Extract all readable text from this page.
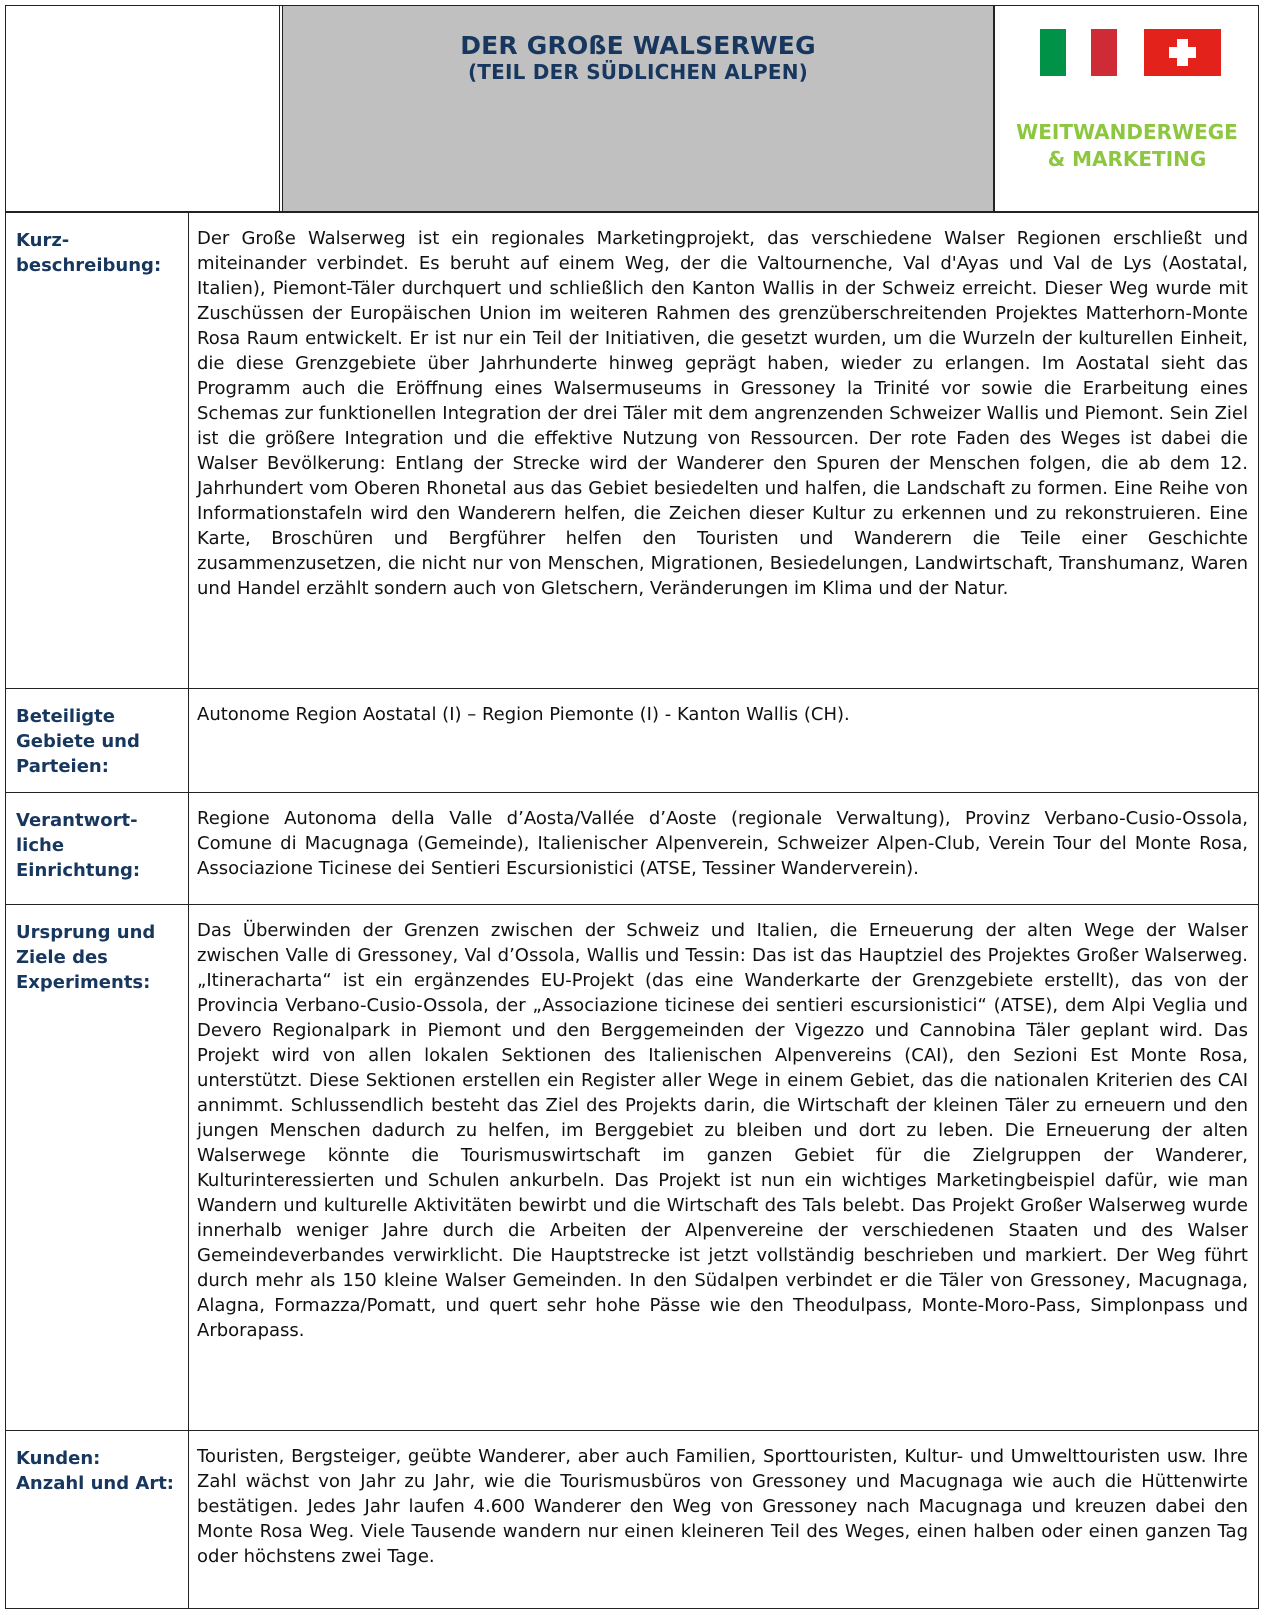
DER GROßE WALSERWEG
(TEIL DER SÜDLICHEN ALPEN)
WEITWANDERWEGE
& MARKETING
Kurz-
beschreibung:

Der Große Walserweg ist ein regionales Marketingprojekt, das verschiedene Walser Regionen erschließt und miteinander verbindet. Es beruht auf einem Weg, der die Valtournenche, Val d'Ayas und Val de Lys (Aostatal, Italien), Piemont-Täler durchquert und schließlich den Kanton Wallis in der Schweiz erreicht. Dieser Weg wurde mit Zuschüssen der Europäischen Union im weiteren Rahmen des grenzüberschreitenden Projektes Matterhorn-Monte Rosa Raum entwickelt. Er ist nur ein Teil der Initiativen, die gesetzt wurden, um die Wurzeln der kulturellen Einheit, die diese Grenzgebiete über Jahrhunderte hinweg geprägt haben, wieder zu erlangen. Im Aostatal sieht das Programm auch die Eröffnung eines Walsermuseums in Gressoney la Trinité vor sowie die Erarbeitung eines Schemas zur funktionellen Integration der drei Täler mit dem angrenzenden Schweizer Wallis und Piemont. Sein Ziel ist die größere Integration und die effektive Nutzung von Ressourcen. Der rote Faden des Weges ist dabei die Walser Bevölkerung: Entlang der Strecke wird der Wanderer den Spuren der Menschen folgen, die ab dem 12. Jahrhundert vom Oberen Rhonetal aus das Gebiet besiedelten und halfen, die Landschaft zu formen. Eine Reihe von Informationstafeln wird den Wanderern helfen, die Zeichen dieser Kultur zu erkennen und zu rekonstruieren. Eine Karte, Broschüren und Bergführer helfen den Touristen und Wanderern die Teile einer Geschichte zusammenzusetzen, die nicht nur von Menschen, Migrationen, Besiedelungen, Landwirtschaft, Transhumanz, Waren und Handel erzählt sondern auch von Gletschern, Veränderungen im Klima und der Natur.

Beteiligte
Gebiete und
Parteien:

Autonome Region Aostatal (I) – Region Piemonte (I) - Kanton Wallis (CH).

Verantwort-
liche
Einrichtung:

Regione Autonoma della Valle d’Aosta/Vallée d’Aoste (regionale Verwaltung), Provinz Verbano-Cusio-Ossola, Comune di Macugnaga (Gemeinde), Italienischer Alpenverein, Schweizer Alpen-Club, Verein Tour del Monte Rosa, Associazione Ticinese dei Sentieri Escursionistici (ATSE, Tessiner Wanderverein).

Ursprung und
Ziele des
Experiments:

Das Überwinden der Grenzen zwischen der Schweiz und Italien, die Erneuerung der alten Wege der Walser zwischen Valle di Gressoney, Val d’Ossola, Wallis und Tessin: Das ist das Hauptziel des Projektes Großer Walserweg. „Itineracharta“ ist ein ergänzendes EU-Projekt (das eine Wanderkarte der Grenzgebiete erstellt), das von der Provincia Verbano-Cusio-Ossola, der „Associazione ticinese dei sentieri escursionistici“ (ATSE), dem Alpi Veglia und Devero Regionalpark in Piemont und den Berggemeinden der Vigezzo und Cannobina Täler geplant wird. Das Projekt wird von allen lokalen Sektionen des Italienischen Alpenvereins (CAI), den Sezioni Est Monte Rosa, unterstützt. Diese Sektionen erstellen ein Register aller Wege in einem Gebiet, das die nationalen Kriterien des CAI annimmt. Schlussendlich besteht das Ziel des Projekts darin, die Wirtschaft der kleinen Täler zu erneuern und den jungen Menschen dadurch zu helfen, im Berggebiet zu bleiben und dort zu leben. Die Erneuerung der alten Walserwege könnte die Tourismuswirtschaft im ganzen Gebiet für die Zielgruppen der Wanderer, Kulturinteressierten und Schulen ankurbeln. Das Projekt ist nun ein wichtiges Marketingbeispiel dafür, wie man Wandern und kulturelle Aktivitäten bewirbt und die Wirtschaft des Tals belebt. Das Projekt Großer Walserweg wurde innerhalb weniger Jahre durch die Arbeiten der Alpenvereine der verschiedenen Staaten und des Walser Gemeindeverbandes verwirklicht. Die Hauptstrecke ist jetzt vollständig beschrieben und markiert. Der Weg führt durch mehr als 150 kleine Walser Gemeinden. In den Südalpen verbindet er die Täler von Gressoney, Macugnaga, Alagna, Formazza/Pomatt, und quert sehr hohe Pässe wie den Theodulpass, Monte-Moro-Pass, Simplonpass und Arborapass.

Kunden:
Anzahl und Art:

Touristen, Bergsteiger, geübte Wanderer, aber auch Familien, Sporttouristen, Kultur- und Umwelttouristen usw. Ihre Zahl wächst von Jahr zu Jahr, wie die Tourismusbüros von Gressoney und Macugnaga wie auch die Hüttenwirte bestätigen. Jedes Jahr laufen 4.600 Wanderer den Weg von Gressoney nach Macugnaga und kreuzen dabei den Monte Rosa Weg. Viele Tausende wandern nur einen kleineren Teil des Weges, einen halben oder einen ganzen Tag oder höchstens zwei Tage.
